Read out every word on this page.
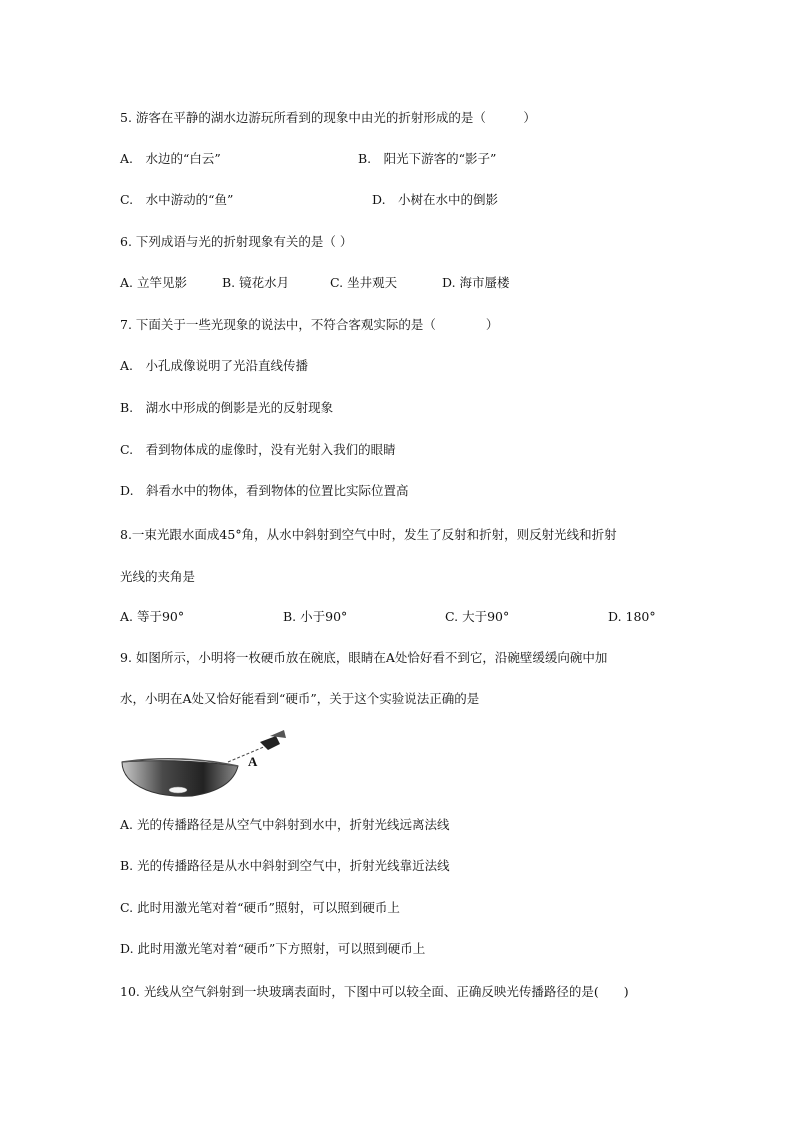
5. 游客在平静的湖水边游玩所看到的现象中由光的折射形成的是（　　　）
A.　水边的“白云”	B.　阳光下游客的“影子”
C.　水中游动的“鱼”	D.　小树在水中的倒影
6. 下列成语与光的折射现象有关的是（ ）
A. 立竿见影	B. 镜花水月	C. 坐井观天	D. 海市蜃楼
7. 下面关于一些光现象的说法中，不符合客观实际的是（　　　　）
A.　小孔成像说明了光沿直线传播
B.　湖水中形成的倒影是光的反射现象
C.　看到物体成的虚像时，没有光射入我们的眼睛
D.　斜看水中的物体，看到物体的位置比实际位置高
8.一束光跟水面成45°角，从水中斜射到空气中时，发生了反射和折射，则反射光线和折射
光线的夹角是
A. 等于90°	B. 小于90°	C. 大于90°	D. 180°
9. 如图所示，小明将一枚硬币放在碗底，眼睛在A处恰好看不到它，沿碗壁缓缓向碗中加
水，小明在A处又恰好能看到“硬币”，关于这个实验说法正确的是
A
A. 光的传播路径是从空气中斜射到水中，折射光线远离法线
B. 光的传播路径是从水中斜射到空气中，折射光线靠近法线
C. 此时用激光笔对着“硬币”照射，可以照到硬币上
D. 此时用激光笔对着“硬币”下方照射，可以照到硬币上
10. 光线从空气斜射到一块玻璃表面时，下图中可以较全面、正确反映光传播路径的是(　　)
